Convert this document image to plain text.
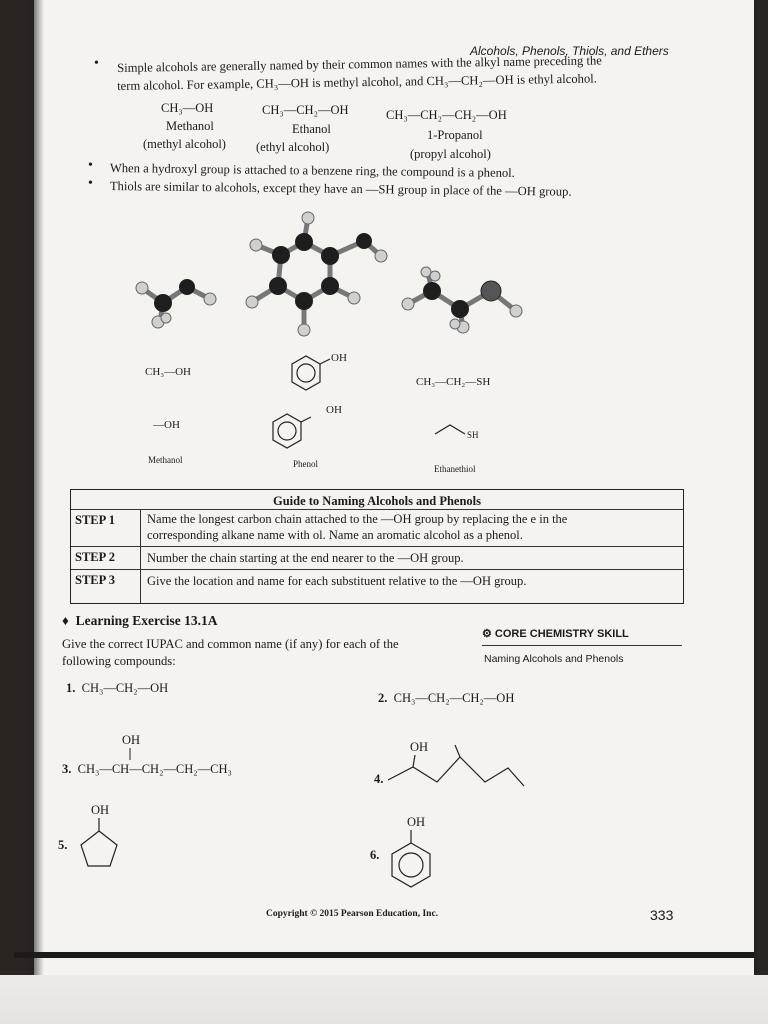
Alcohols, Phenols, Thiols, and Ethers
• Simple alcohols are generally named by their common names with the alkyl name preceding the
term alcohol. For example, CH₃—OH is methyl alcohol, and CH₃—CH₂—OH is ethyl alcohol.
CH₃—OH
Methanol
(methyl alcohol)
CH₃—CH₂—OH
Ethanol
(ethyl alcohol)
CH₃—CH₂—CH₂—OH
1-Propanol
(propyl alcohol)
• When a hydroxyl group is attached to a benzene ring, the compound is a phenol.
• Thiols are similar to alcohols, except they have an —SH group in place of the —OH group.
CH₃—OH
—OH
Methanol
OH
OH
Phenol
CH₃—CH₂—SH
SH
Ethanethiol
Guide to Naming Alcohols and Phenols
STEP 1	Name the longest carbon chain attached to the —OH group by replacing the e in the
corresponding alkane name with ol. Name an aromatic alcohol as a phenol.
STEP 2	Number the chain starting at the end nearer to the —OH group.
STEP 3	Give the location and name for each substituent relative to the —OH group.
♦  Learning Exercise 13.1A
Give the correct IUPAC and common name (if any) for each of the
following compounds:
⚙ CORE CHEMISTRY SKILL
Naming Alcohols and Phenols
1. CH₃—CH₂—OH
2. CH₃—CH₂—CH₂—OH
OH
3. CH₃—CH—CH₂—CH₂—CH₃
4.
OH
OH
5.
OH
6.
Copyright © 2015 Pearson Education, Inc.	333
